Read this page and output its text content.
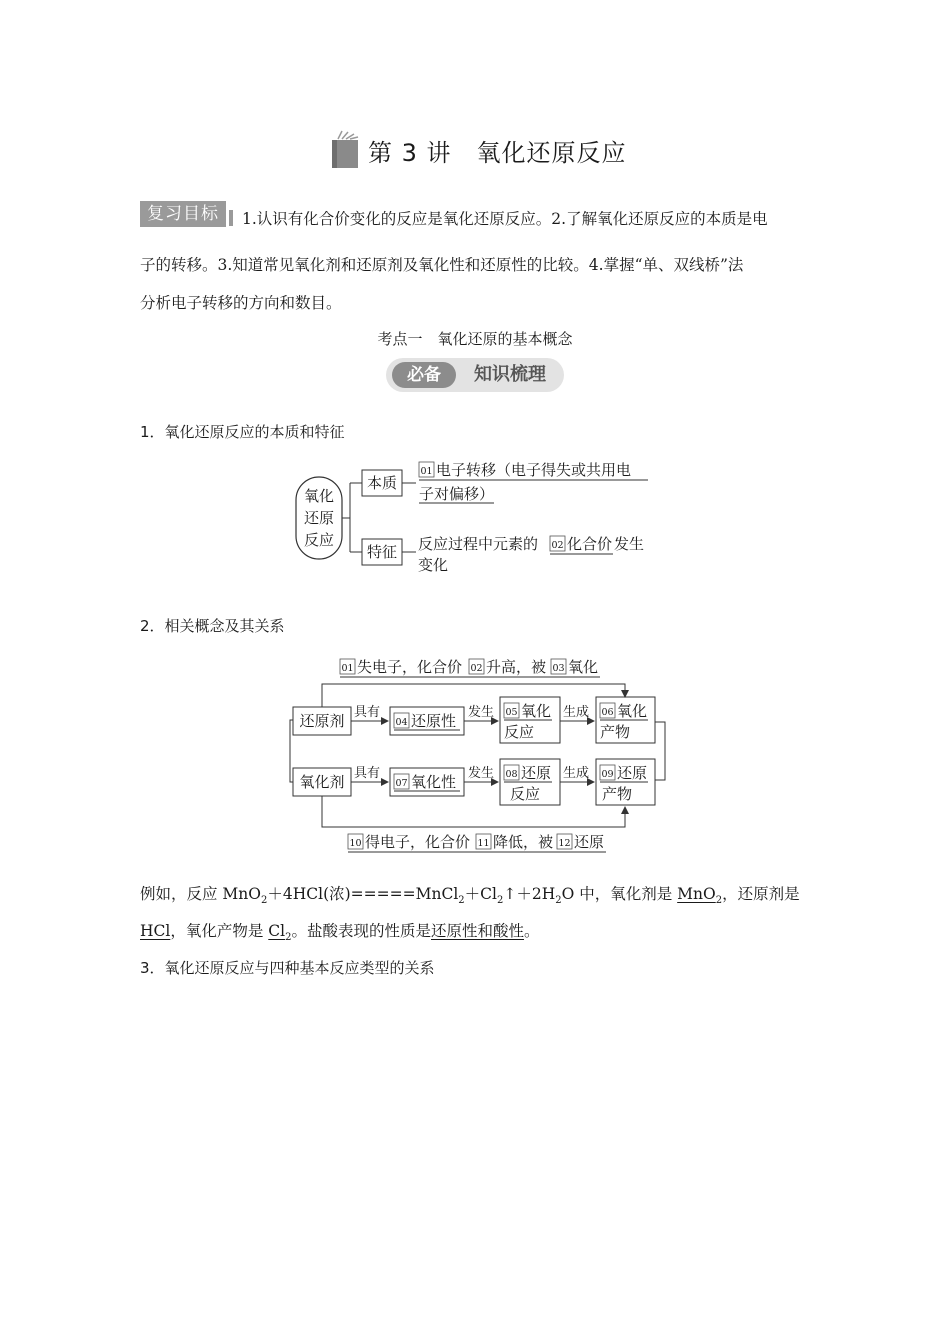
第 3 讲　氧化还原反应
复习目标	1.认识有化合价变化的反应是氧化还原反应。2.了解氧化还原反应的本质是电
子的转移。3.知道常见氧化剂和还原剂及氧化性和还原性的比较。4.掌握“单、双线桥”法
分析电子转移的方向和数目。
考点一　氧化还原的基本概念
必备	知识梳理
1．氧化还原反应的本质和特征
氧化
还原
反应
本质
特征
01 电子转移（电子得失或共用电
子对偏移）
反应过程中元素的 02 化合价 发生
变化
2．相关概念及其关系
01 失电子，化合价 02 升高，被 03 氧化
还原剂 具有
04 还原性 发生 05 氧化
反应
生成 06 氧化
产物
氧化剂 具有
07 氧化性 发生 08 还原
反应
生成 09 还原
产物
10 得电子，化合价 11 降低，被 12 还原
例如，反应 MnO$_2$＋4HCl(浓)$=====MnCl_2+Cl_2↑+2H_2O$ 中，氧化剂是 MnO$_2$，还原剂是
HCl，氧化产物是 $Cl_2$。盐酸表现的性质是还原性和酸性。
3．氧化还原反应与四种基本反应类型的关系
